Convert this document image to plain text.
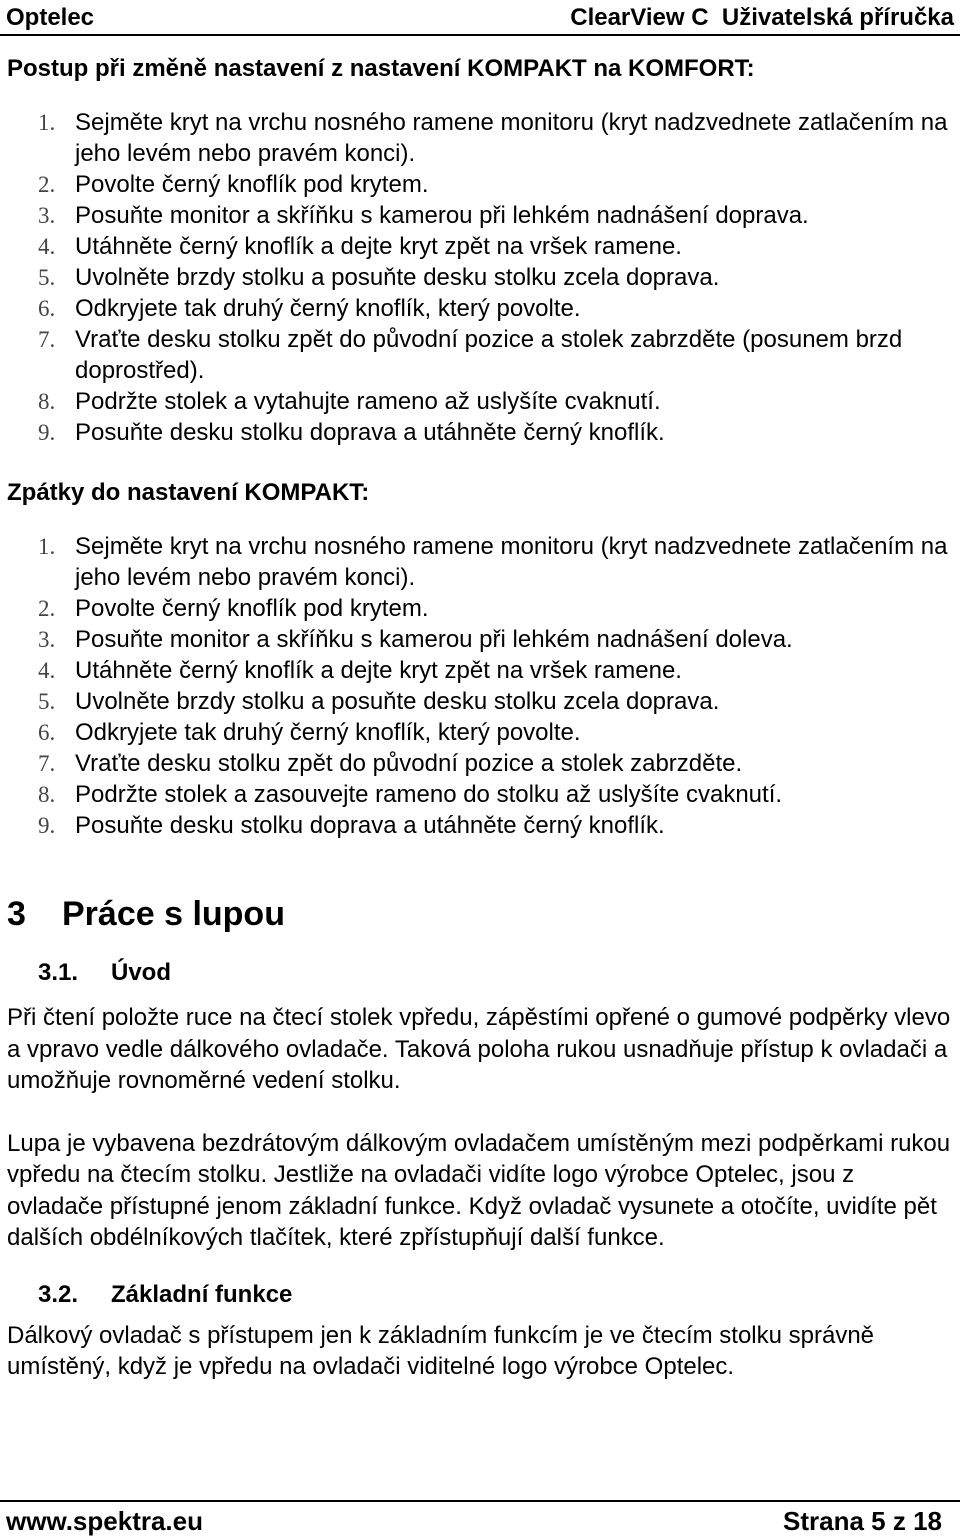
Optelec	ClearView C  Uživatelská příručka
Postup při změně nastavení z nastavení KOMPAKT na KOMFORT:
1. Sejměte kryt na vrchu nosného ramene monitoru (kryt nadzvednete zatlačením na jeho levém nebo pravém konci).
2. Povolte černý knoflík pod krytem.
3. Posuňte monitor a skříňku s kamerou při lehkém nadnášení doprava.
4. Utáhněte černý knoflík a dejte kryt zpět na vršek ramene.
5. Uvolněte brzdy stolku a posuňte desku stolku zcela doprava.
6. Odkryjete tak druhý černý knoflík, který povolte.
7. Vraťte desku stolku zpět do původní pozice a stolek zabrzděte (posunem brzd doprostřed).
8. Podržte stolek a vytahujte rameno až uslyšíte cvaknutí.
9. Posuňte desku stolku doprava a utáhněte černý knoflík.
Zpátky do nastavení KOMPAKT:
1. Sejměte kryt na vrchu nosného ramene monitoru (kryt nadzvednete zatlačením na jeho levém nebo pravém konci).
2. Povolte černý knoflík pod krytem.
3. Posuňte monitor a skříňku s kamerou při lehkém nadnášení doleva.
4. Utáhněte černý knoflík a dejte kryt zpět na vršek ramene.
5. Uvolněte brzdy stolku a posuňte desku stolku zcela doprava.
6. Odkryjete tak druhý černý knoflík, který povolte.
7. Vraťte desku stolku zpět do původní pozice a stolek zabrzděte.
8. Podržte stolek a zasouvejte rameno do stolku až uslyšíte cvaknutí.
9. Posuňte desku stolku doprava a utáhněte černý knoflík.
3	Práce s lupou
3.1.	Úvod

Při čtení položte ruce na čtecí stolek vpředu, zápěstími opřené o gumové podpěrky vlevo a vpravo vedle dálkového ovladače. Taková poloha rukou usnadňuje přístup k ovladači a umožňuje rovnoměrné vedení stolku.

Lupa je vybavena bezdrátovým dálkovým ovladačem umístěným mezi podpěrkami rukou vpředu na čtecím stolku. Jestliže na ovladači vidíte logo výrobce Optelec, jsou z ovladače přístupné jenom základní funkce. Když ovladač vysunete a otočíte, uvidíte pět dalších obdélníkových tlačítek, které zpřístupňují další funkce.

3.2.	Základní funkce

Dálkový ovladač s přístupem jen k základním funkcím je ve čtecím stolku správně umístěný, když je vpředu na ovladači viditelné logo výrobce Optelec.

www.spektra.eu	Strana 5 z 18
